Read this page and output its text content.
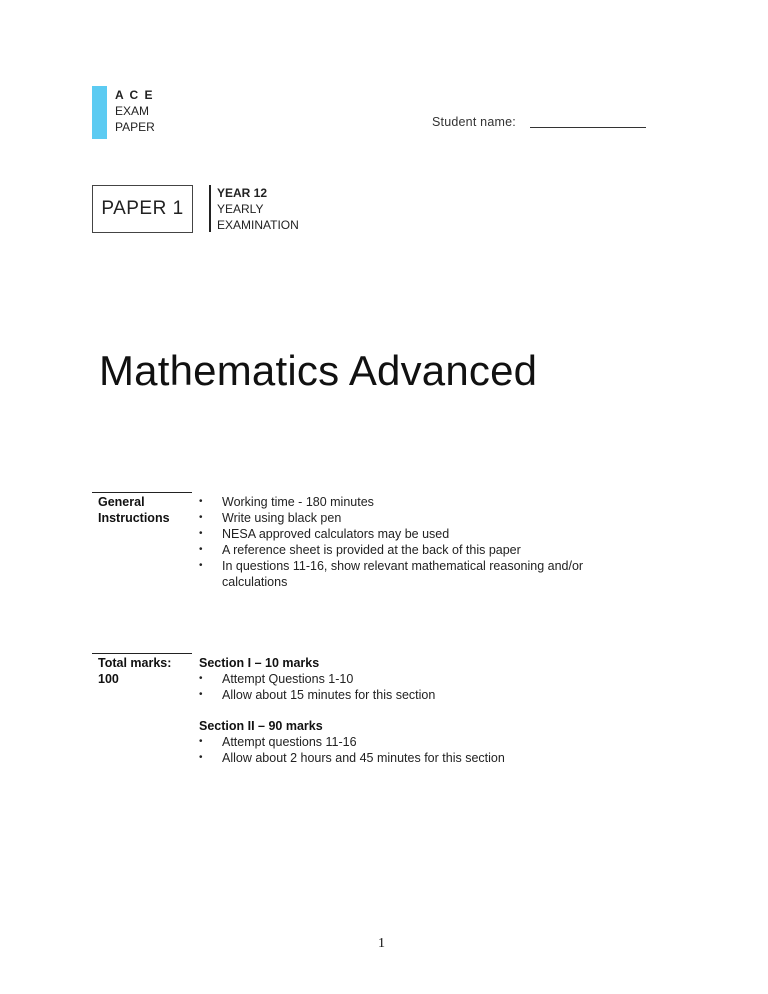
A C E
EXAM
PAPER	Student name:
PAPER 1
YEAR 12
YEARLY
EXAMINATION
Mathematics Advanced
General
Instructions
• Working time - 180 minutes
• Write using black pen
• NESA approved calculators may be used
• A reference sheet is provided at the back of this paper
• In questions 11-16, show relevant mathematical reasoning and/or calculations
Total marks:
100
Section I – 10 marks
• Attempt Questions 1-10
• Allow about 15 minutes for this section
Section II – 90 marks
• Attempt questions 11-16
• Allow about 2 hours and 45 minutes for this section
1
